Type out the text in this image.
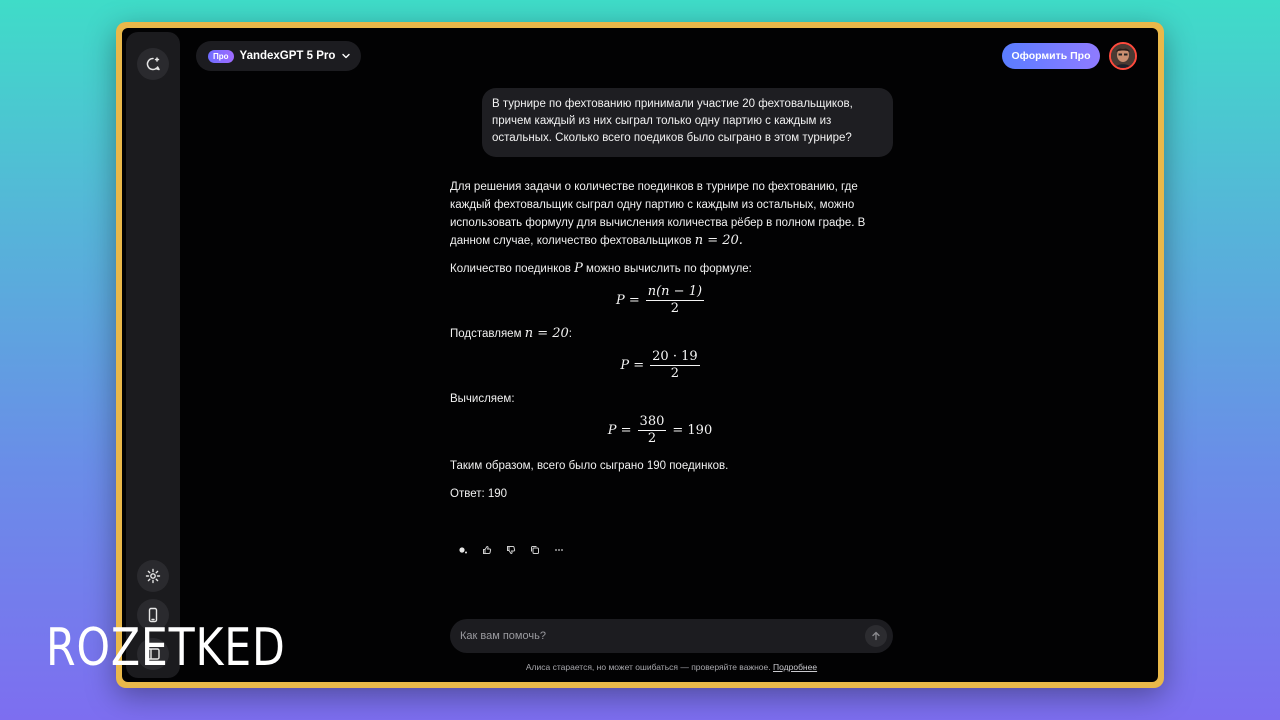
Про YandexGPT 5 Pro	Оформить Про
В турнире по фехтованию принимали участие 20 фехтовальщиков, причем каждый из них сыграл только одну партию с каждым из остальных. Сколько всего поедиков было сыграно в этом турнире?

Для решения задачи о количестве поединков в турнире по фехтованию, где каждый фехтовальщик сыграл одну партию с каждым из остальных, можно использовать формулу для вычисления количества рёбер в полном графе. В данном случае, количество фехтовальщиков n = 20.

Количество поединков P можно вычислить по формуле:

$P = \frac{n(n - 1)}{2}$

Подставляем n = 20:

$P = \frac{20 \cdot 19}{2}$

Вычисляем:

$P = \frac{380}{2} = 190$

Таким образом, всего было сыграно 190 поединков.

Ответ: 190

Как вам помочь?
Алиса старается, но может ошибаться — проверяйте важное. Подробнее
ROZETKED
